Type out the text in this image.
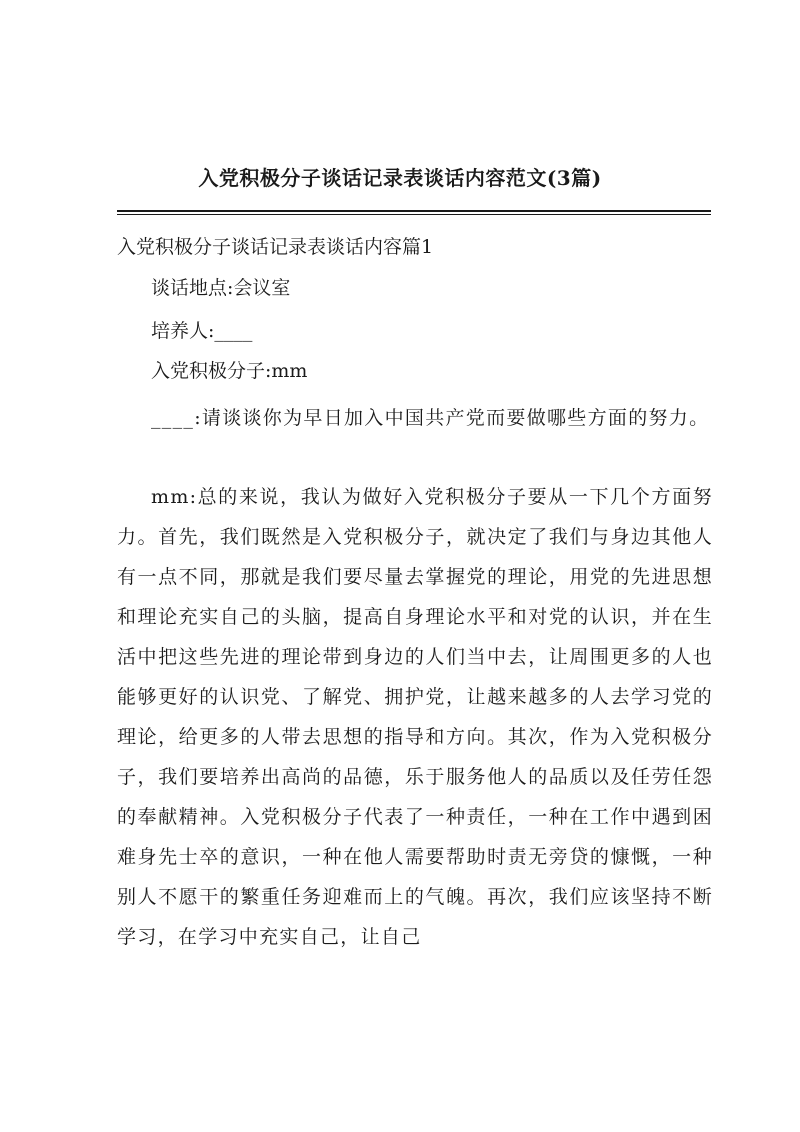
入党积极分子谈话记录表谈话内容范文(3篇)
入党积极分子谈话记录表谈话内容篇1
谈话地点:会议室
培养人:____
入党积极分子:mm

____:请谈谈你为早日加入中国共产党而要做哪些方面的努力。

mm:总的来说，我认为做好入党积极分子要从一下几个方面努力。首先，我们既然是入党积极分子，就决定了我们与身边其他人有一点不同，那就是我们要尽量去掌握党的理论，用党的先进思想和理论充实自己的头脑，提高自身理论水平和对党的认识，并在生活中把这些先进的理论带到身边的人们当中去，让周围更多的人也能够更好的认识党、了解党、拥护党，让越来越多的人去学习党的理论，给更多的人带去思想的指导和方向。其次，作为入党积极分子，我们要培养出高尚的品德，乐于服务他人的品质以及任劳任怨的奉献精神。入党积极分子代表了一种责任，一种在工作中遇到困难身先士卒的意识，一种在他人需要帮助时责无旁贷的慷慨，一种别人不愿干的繁重任务迎难而上的气魄。再次，我们应该坚持不断学习，在学习中充实自己，让自己
